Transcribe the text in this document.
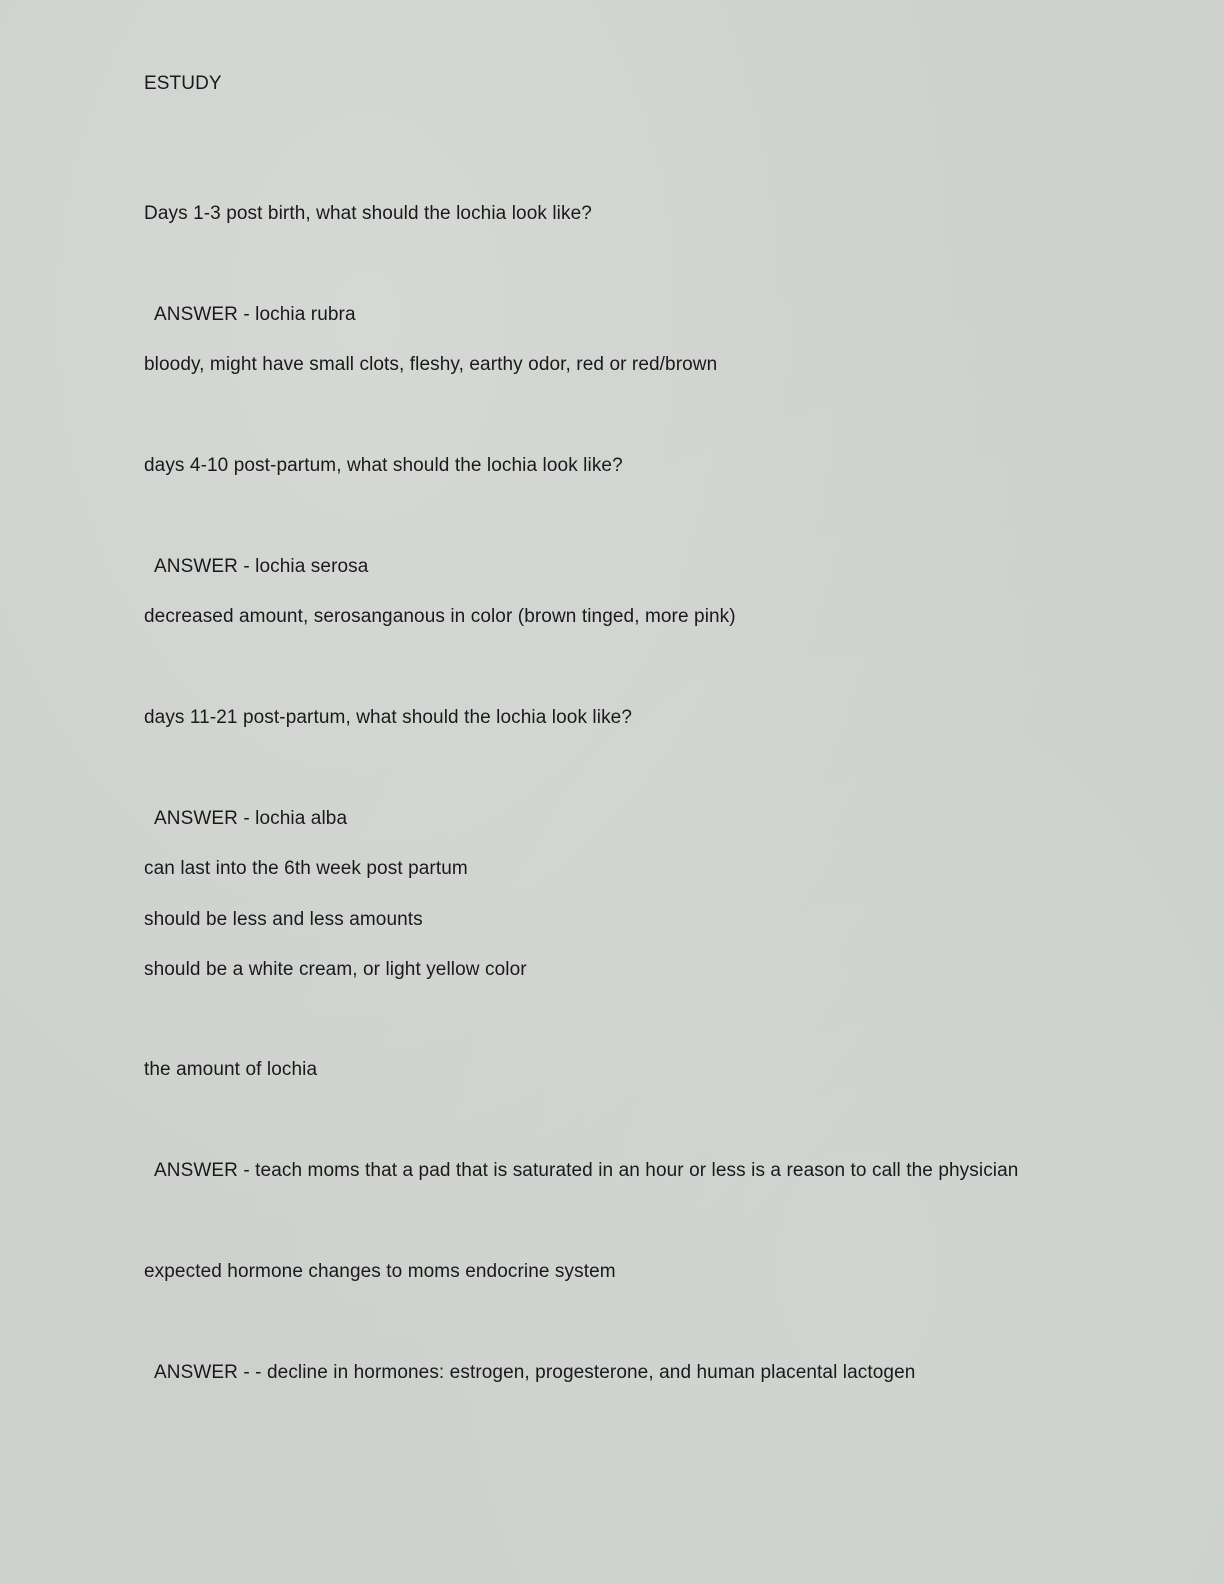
ESTUDY
Days 1-3 post birth, what should the lochia look like?
ANSWER - lochia rubra
bloody, might have small clots, fleshy, earthy odor, red or red/brown
days 4-10 post-partum, what should the lochia look like?
ANSWER - lochia serosa
decreased amount, serosanganous in color (brown tinged, more pink)
days 11-21 post-partum, what should the lochia look like?
ANSWER - lochia alba
can last into the 6th week post partum
should be less and less amounts
should be a white cream, or light yellow color
the amount of lochia
ANSWER - teach moms that a pad that is saturated in an hour or less is a reason to call the physician
expected hormone changes to moms endocrine system
ANSWER - - decline in hormones: estrogen, progesterone, and human placental lactogen
